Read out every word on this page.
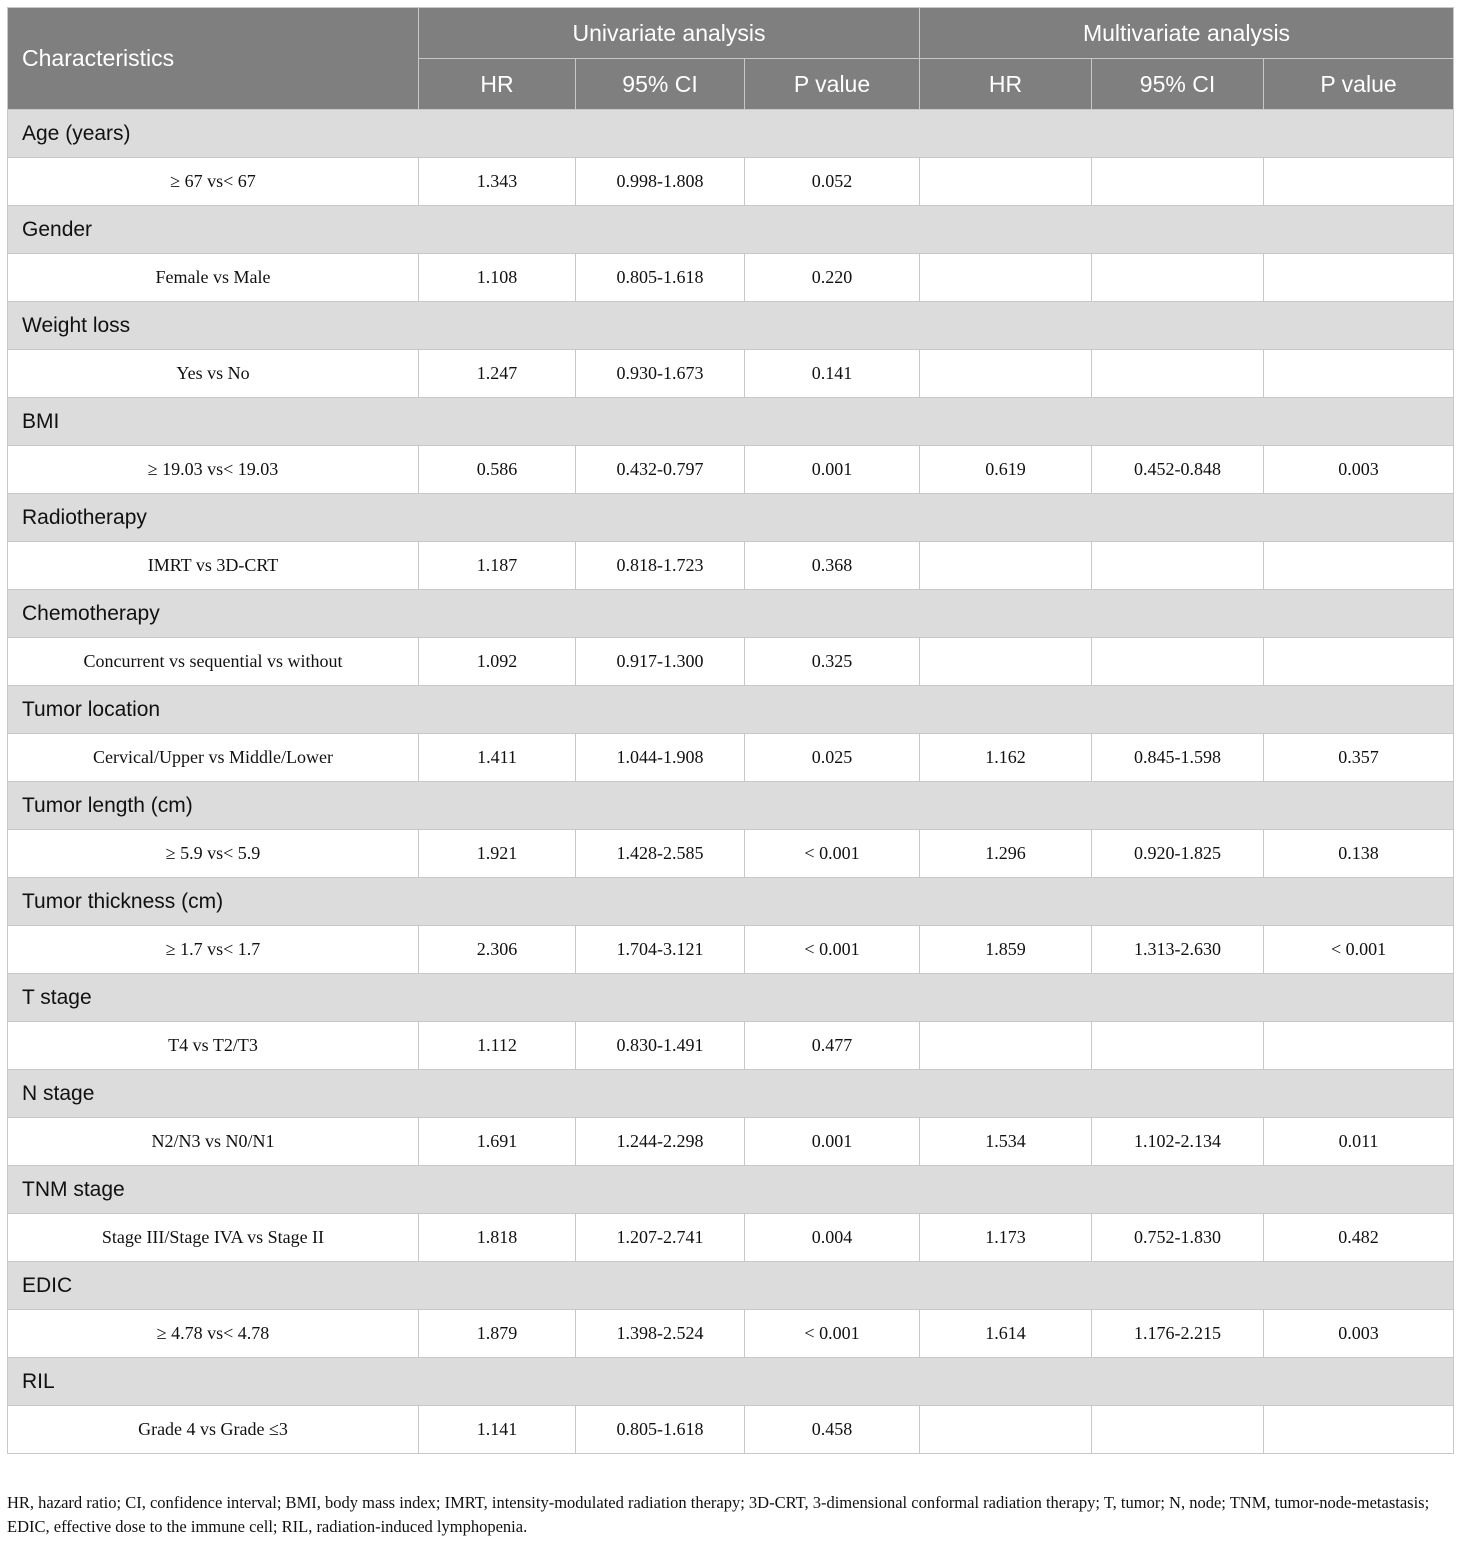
Characteristics	Univariate analysis			Multivariate analysis		
	HR	95% CI	P value	HR	95% CI	P value
Age (years)						
≥ 67 vs< 67	1.343	0.998-1.808	0.052			
Gender						
Female vs Male	1.108	0.805-1.618	0.220			
Weight loss						
Yes vs No	1.247	0.930-1.673	0.141			
BMI						
≥ 19.03 vs< 19.03	0.586	0.432-0.797	0.001	0.619	0.452-0.848	0.003
Radiotherapy						
IMRT vs 3D-CRT	1.187	0.818-1.723	0.368			
Chemotherapy						
Concurrent vs sequential vs without	1.092	0.917-1.300	0.325			
Tumor location						
Cervical/Upper vs Middle/Lower	1.411	1.044-1.908	0.025	1.162	0.845-1.598	0.357
Tumor length (cm)						
≥ 5.9 vs< 5.9	1.921	1.428-2.585	< 0.001	1.296	0.920-1.825	0.138
Tumor thickness (cm)						
≥ 1.7 vs< 1.7	2.306	1.704-3.121	< 0.001	1.859	1.313-2.630	< 0.001
T stage						
T4 vs T2/T3	1.112	0.830-1.491	0.477			
N stage						
N2/N3 vs N0/N1	1.691	1.244-2.298	0.001	1.534	1.102-2.134	0.011
TNM stage						
Stage III/Stage IVA vs Stage II	1.818	1.207-2.741	0.004	1.173	0.752-1.830	0.482
EDIC						
≥ 4.78 vs< 4.78	1.879	1.398-2.524	< 0.001	1.614	1.176-2.215	0.003
RIL						
Grade 4 vs Grade ≤3	1.141	0.805-1.618	0.458			

HR, hazard ratio; CI, confidence interval; BMI, body mass index; IMRT, intensity-modulated radiation therapy; 3D-CRT, 3-dimensional conformal radiation therapy; T, tumor; N, node; TNM, tumor-node-metastasis; EDIC, effective dose to the immune cell; RIL, radiation-induced lymphopenia.
